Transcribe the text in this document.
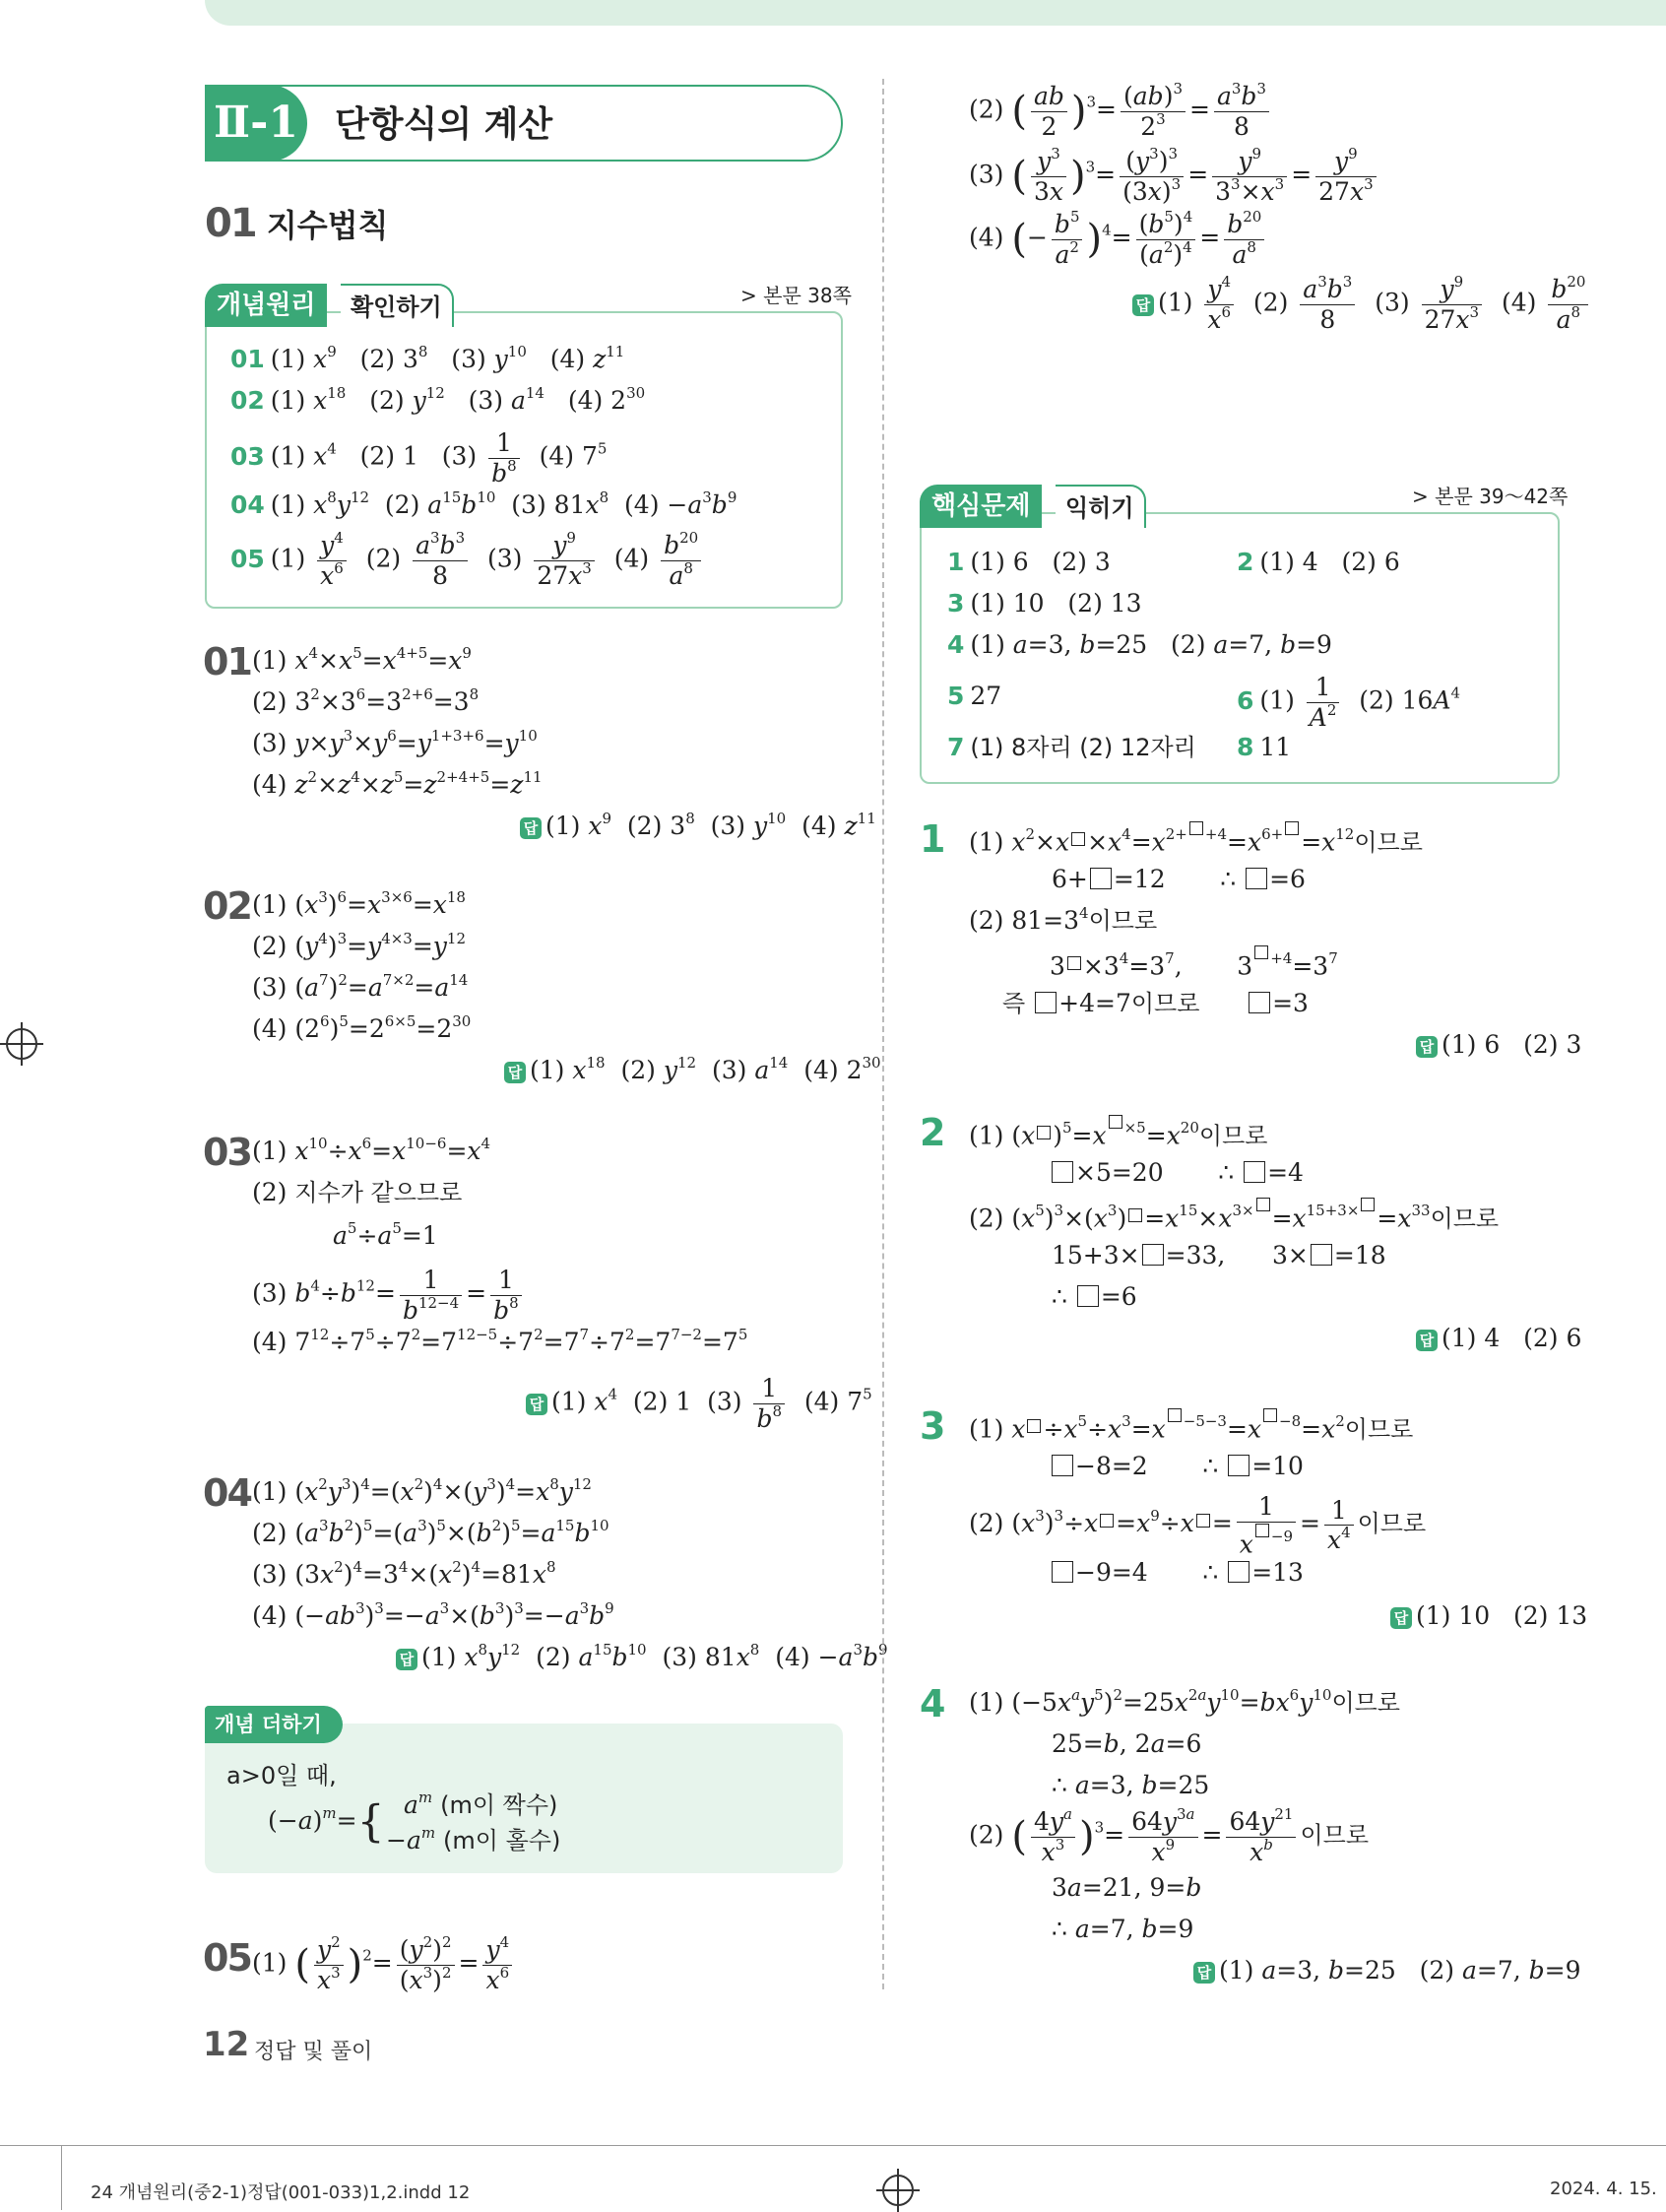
Ⅱ-1 단항식의 계산
01 지수법칙
개념원리	확인하기	> 본문 38쪽
01 (1) $x^9$   (2) $3^8$   (3) $y^{10}$   (4) $z^{11}$
02 (1) $x^{18}$   (2) $y^{12}$   (3) $a^{14}$   (4) $2^{30}$
03 (1) $x^4$   (2) 1   $(3) \frac{1}{b^8} (4)$ $7^5$
04 (1) $x^8y^{12}$  (2) $a^{15}b^{10}$  (3) $81x^8$  $(4) -a^3b^9$
05 $(1) \frac{y^4}{x^6} (2) \frac{a^3b^3}{8} (3) \frac{y^9}{27x^3} (4) \frac{b^{20}}{a^8}$
01 (1) $x^4\times x^5=x^{4+5}=x^9$
(2) $3^2\times 3^6=3^{2+6}=3^8$
(3) $y\times y^3\times y^6=y^{1+3+6}=y^{10}$
(4) $z^2\times z^4\times z^5=z^{2+4+5}=z^{11}$
답 (1) $x^9$  (2) $3^8$  (3) $y^{10}$  (4) $z^{11}$
02 (1) $(x^3)^6=x^{3\times 6}=x^{18}$
(2) $(y^4)^3=y^{4\times 3}=y^{12}$
(3) $(a^7)^2=a^{7\times 2}=a^{14}$
(4) $(2^6)^5=2^{6\times 5}=2^{30}$
답 (1) $x^{18}$  (2) $y^{12}$  (3) $a^{14}$  (4) $2^{30}$
03 (1) $x^{10}\div x^6=x^{10-6}=x^4$
(2) 지수가 같으므로
$a^5\div a^5=1$
(3) $b^4\div b^{12}= \frac{1}{b^{12-4}} = \frac{1}{b^8}$
(4) $7^{12}\div 7^5\div 7^2=7^{12-5}\div 7^2=7^7\div 7^2=7^{7-2}=7^5$
답 (1) $x^4$  (2) 1  $(3) \frac{1}{b^8} (4)$ $7^5$
04 (1) $(x^2y^3)^4=(x^2)^4\times(y^3)^4=x^8y^{12}$
(2) $(a^3b^2)^5=(a^3)^5\times(b^2)^5=a^{15}b^{10}$
(3) $(3x^2)^4=3^4\times(x^2)^4=81x^8$
(4) $(-ab^3)^3=-a^3\times(b^3)^3=-a^3b^9$
답 (1) $x^8y^{12}$  (2) $a^{15}b^{10}$  (3) $81x^8$  $(4) -a^3b^9$
개념 더하기
a>0일 때,
$(-a)^m=${ $a^m$ (m이 짝수)
$-a^m$ (m이 홀수)
05 (1) ( $\frac{y^2}{x^3} )^2= \frac{(y^2)^2}{(x^3)^2} = \frac{y^4}{x^6}$
(2) ( $\frac{ab}{2} )^3= \frac{(ab)^3}{2^3} = \frac{a^3b^3}{8}$
(3) ( $\frac{y^3}{3x} )^3= \frac{(y^3)^3}{(3x)^3} = \frac{y^9}{3^3\times x^3} = \frac{y^9}{27x^3}$
(4) (− $\frac{b^5}{a^2} )^4= \frac{(b^5)^4}{(a^2)^4} = \frac{b^{20}}{a^8}$
답 $(1) \frac{y^4}{x^6} (2) \frac{a^3b^3}{8} (3) \frac{y^9}{27x^3} (4) \frac{b^{20}}{a^8}$
핵심문제	익히기	> 본문 39～42쪽
1 (1) 6   (2) 3	2 (1) 4   (2) 6
3 (1) 10   (2) 13
4 (1) a=3, b=25   (2) a=7, b=9
5 27	6 $(1) \frac{1}{A^2} (2)$ $16A^4$
7 (1) 8자리 (2) 12자리 8 11
1 (1) $x^2\times x \times x^4=x^{2+ +4}=x^{6+} =x^{12}$이므로
6+ =12       ∴ =6
(2) $81=3^4$이므로
$3 \times 3^4=3^7$,       3 $^{+4}=3^7$
즉 +4=7이므로	=3
답 (1) 6   (2) 3
2 (1) (x )$^5$=x $^{\times 5}=x^{20}$이므로
×5=20       ∴ =4
(2) $(x^5)^3\times(x^3) =x^{15}\times x^{3\times} =x^{15+3\times} =x^{33}$이므로
15+3× =33,      3× =18
∴ =6
답 (1) 4   (2) 6
3 (1) $x \div x^5\div x^3=x$ $^{-5-3}$=x $^{-8}=x^2$이므로
−8=2       ∴ =10
(2) $(x^3)^3\div x =x^9\div x = \frac{1}{x ^{-9}} = \frac{1}{x^4}$ 이므로
−9=4       ∴ =13
답 (1) 10   (2) 13
4 (1) $(-5x^ay^5)^2=25x^{2a}y^{10}=bx^6y^{10}$이므로
25=b, 2a=6
∴ a=3, b=25
(2) ( $\frac{4y^a}{x^3} )^3= \frac{64y^{3a}}{x^9} = \frac{64y^{21}}{x^b}$ 이므로
3a=21, 9=b
∴ a=7, b=9
답 (1) a=3, b=25   (2) a=7, b=9
12 정답 및 풀이
24 개념원리(중2-1)정답(001-033)1,2.indd 12	2024. 4. 15.
